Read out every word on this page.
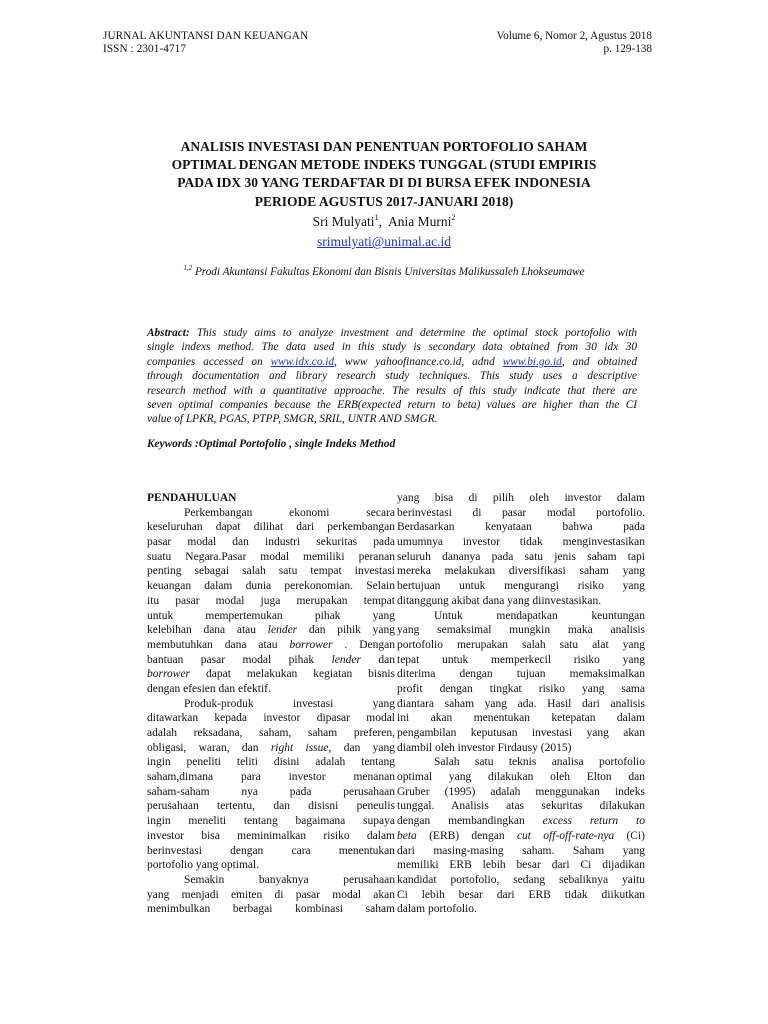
JURNAL AKUNTANSI DAN KEUANGAN
ISSN : 2301-4717
Volume 6, Nomor 2, Agustus 2018
p. 129-138
ANALISIS INVESTASI DAN PENENTUAN PORTOFOLIO SAHAM
OPTIMAL DENGAN METODE INDEKS TUNGGAL (STUDI EMPIRIS
PADA IDX 30 YANG TERDAFTAR DI DI BURSA EFEK INDONESIA
PERIODE AGUSTUS 2017-JANUARI 2018)
Sri Mulyati$^1$,  Ania Murni$^2$
srimulyati@unimal.ac.id
$^{1,2}$ Prodi Akuntansi Fakultas Ekonomi dan Bisnis Universitas Malikussaleh Lhokseumawe
Abstract: This study aims to analyze investment and determine the optimal stock portofolio with
single indexs method. The data used in this study is secondary data obtained from 30 idx 30
companies accessed on www.idx.co.id, www yahoofinance.co.id, adnd www.bi.go.id, and obtained
through documentation and library research study techniques. This study uses a descriptive
research method with a quantitative approache. The results of this study indicate that there are
seven optimal companies because the ERB(expected return to beta) values are higher than the CI
value of LPKR, PGAS, PTPP, SMGR, SRIL, UNTR AND SMGR.
Keywords :Optimal Portofolio , single Indeks Method
PENDAHULUAN
Perkembangan ekonomi secara
keseluruhan dapat dilihat dari perkembangan
pasar modal dan industri sekuritas pada
suatu Negara.Pasar modal memiliki peranan
penting sebagai salah satu tempat investasi
keuangan dalam dunia perekonomian. Selain
itu pasar modal juga merupakan tempat
untuk mempertemukan pihak yang
kelebihan dana atau lender dan pihik yang
membutuhkan dana atau borrower . Dengan
bantuan pasar modal pihak lender dan
borrower dapat melakukan kegiatan bisnis
dengan efesien dan efektif.
Produk-produk investasi yang
ditawarkan kepada investor dipasar modal
adalah reksadana, saham, saham preferen,
obligasi, waran, dan right issue, dan yang
ingin peneliti teliti disini adalah tentang
saham,dimana para investor menanan
saham-saham nya pada perusahaan
perusahaan tertentu, dan disisni peneulis
ingin meneliti tentang bagaimana supaya
investor bisa meminimalkan risiko dalam
berinvestasi dengan cara menentukan
portofolio yang optimal.
Semakin banyaknya perusahaan
yang menjadi emiten di pasar modal akan
menimbulkan berbagai kombinasi saham
yang bisa di pilih oleh investor dalam
berinvestasi di pasar modal portofolio.
Berdasarkan kenyataan bahwa pada
umumnya investor tidak menginvestasikan
seluruh dananya pada satu jenis saham tapi
mereka melakukan diversifikasi saham yang
bertujuan untuk mengurangi risiko yang
ditanggung akibat dana yang diinvestasikan.
Untuk mendapatkan keuntungan
yang semaksimal mungkin maka analisis
portofolio merupakan salah satu alat yang
tepat untuk memperkecil risiko yang
diterima dengan tujuan memaksimalkan
profit dengan tingkat risiko yang sama
diantara saham yang ada. Hasil dari analisis
ini akan menentukan ketepatan dalam
pengambilan keputusan investasi yang akan
diambil oleh investor Firdausy (2015)
Salah satu teknis analisa portofolio
optimal yang dilakukan oleh Elton dan
Gruber (1995) adalah menggunakan indeks
tunggal. Analisis atas sekuritas dilakukan
dengan membandingkan excess return to
beta (ERB) dengan cut off-off-rate-nya (Ci)
dari masing-masing saham. Saham yang
memiliki ERB lebih besar dari Ci dijadikan
kandidat portofolio, sedang sebaliknya yaitu
Ci lebih besar dari ERB tidak diikutkan
dalam portofolio.
